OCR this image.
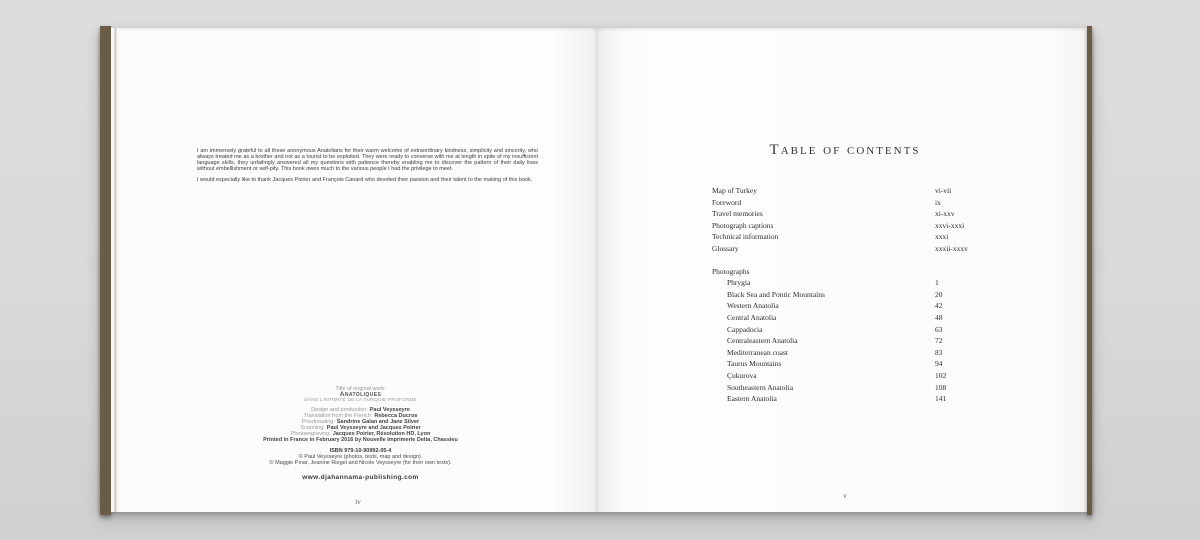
I am immensely grateful to all these anonymous Anatolians for their warm welcome of extraordinary kindness, simplicity and sincerity, who always treated me as a brother and not as a tourist to be exploited. They were ready to converse with me at length in spite of my insufficient language skills, they unfailingly answered all my questions with patience thereby enabling me to discover the pattern of their daily lives without embellishment or self-pity. This book owes much to the various people I had the privilege to meet.

I would especially like to thank Jacques Poirier and François Canard who devoted their passion and their talent to the making of this book.

Title of original work:
Anatoliques
DANS L'INTIMITÉ DE LA TURQUIE PROFONDE
Design and production: Paul Veysseyre
Translation from the French: Rebecca Ducros
Proofreading: Sandrine Galan and Jane Silver
Scanning: Paul Veysseyre and Jacques Poirier
Photoengraving: Jacques Poirier, Résolution HD, Lyon
Printed in France in February 2016 by Nouvelle Imprimerie Delta, Chassieu
ISBN 979-10-90992-05-4
© Paul Veysseyre (photos, texts, map and design).
© Maggie Pınar, Jeanine Riegel and Nicole Veysseyre (for their own texts).
www.djahannama-publishing.com
iv
Table of contents
Map of Turkey	vi-vii
Foreword	ix
Travel memories	xi-xxv
Photograph captions	xxvi-xxxi
Technical information	xxxi
Glossary	xxxii-xxxv
Photographs
Phrygia	1
Black Sea and Pontic Mountains	20
Western Anatolia	42
Central Anatolia	48
Cappadocia	63
Centraleastern Anatolia	72
Mediterranean coast	83
Taurus Mountains	94
Çukurova	102
Southeastern Anatolia	108
Eastern Anatolia	141
v
